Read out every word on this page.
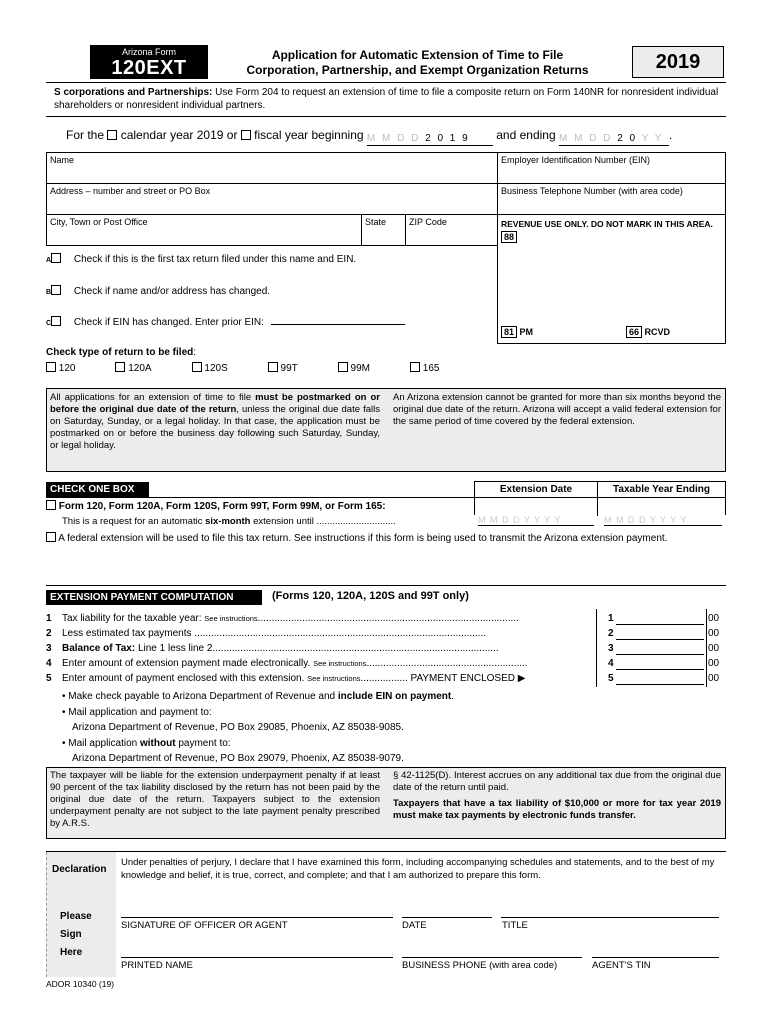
Arizona Form
120EXT
Application for Automatic Extension of Time to File
Corporation, Partnership, and Exempt Organization Returns	2019
S corporations and Partnerships: Use Form 204 to request an extension of time to file a composite return on Form 140NR for nonresident individual shareholders or nonresident individual partners.
For the calendar year 2019 or fiscal year beginning M M D D 2 0 1 9 and ending M M D D 2 0 Y Y .
Name	Employer Identification Number (EIN)
Address – number and street or PO Box	Business Telephone Number (with area code)
City, Town or Post Office	State	ZIP Code	REVENUE USE ONLY. DO NOT MARK IN THIS AREA.
88
81 PM	66 RCVD
A Check if this is the first tax return filed under this name and EIN.
B Check if name and/or address has changed.
C Check if EIN has changed. Enter prior EIN:
Check type of return to be filed:
120	120A	120S	99T	99M	165
All applications for an extension of time to file must be postmarked on or before the original due date of the return, unless the original due date falls on Saturday, Sunday, or a legal holiday. In that case, the application must be postmarked on or before the business day following such Saturday, Sunday, or legal holiday.
An Arizona extension cannot be granted for more than six months beyond the original due date of the return. Arizona will accept a valid federal extension for the same period of time covered by the federal extension.
CHECK ONE BOX	Extension Date	Taxable Year Ending
Form 120, Form 120A, Form 120S, Form 99T, Form 99M, or Form 165:
This is a request for an automatic six-month extension until ..............................	M M D D Y Y Y Y	M M D D Y Y Y Y
A federal extension will be used to file this tax return. See instructions if this form is being used to transmit the Arizona extension payment.
EXTENSION PAYMENT COMPUTATION	(Forms 120, 120A, 120S and 99T only)
1 Tax liability for the taxable year: See instructions..............................................................................................
2 Less estimated tax payments .........................................................................................................
3 Balance of Tax: Line 1 less line 2.......................................................................................................
4 Enter amount of extension payment made electronically. See instructions..........................................................
5 Enter amount of payment enclosed with this extension. See instructions................. PAYMENT ENCLOSED ▶
1	00
2	00
3	00
4	00
5	00
• Make check payable to Arizona Department of Revenue and include EIN on payment.
• Mail application and payment to:
Arizona Department of Revenue, PO Box 29085, Phoenix, AZ 85038-9085.
• Mail application without payment to:
Arizona Department of Revenue, PO Box 29079, Phoenix, AZ 85038-9079.
The taxpayer will be liable for the extension underpayment penalty if at least 90 percent of the tax liability disclosed by the return has not been paid by the original due date of the return. Taxpayers subject to the extension underpayment penalty are not subject to the late payment penalty prescribed by A.R.S.
§ 42-1125(D). Interest accrues on any additional tax due from the original due date of the return until paid.
Taxpayers that have a tax liability of $10,000 or more for tax year 2019 must make tax payments by electronic funds transfer.
Declaration
Under penalties of perjury, I declare that I have examined this form, including accompanying schedules and statements, and to the best of my knowledge and belief, it is true, correct, and complete; and that I am authorized to prepare this form.
Please
Sign
Here
SIGNATURE OF OFFICER OR AGENT	DATE	TITLE
PRINTED NAME	BUSINESS PHONE (with area code)	AGENT'S TIN
ADOR 10340 (19)
